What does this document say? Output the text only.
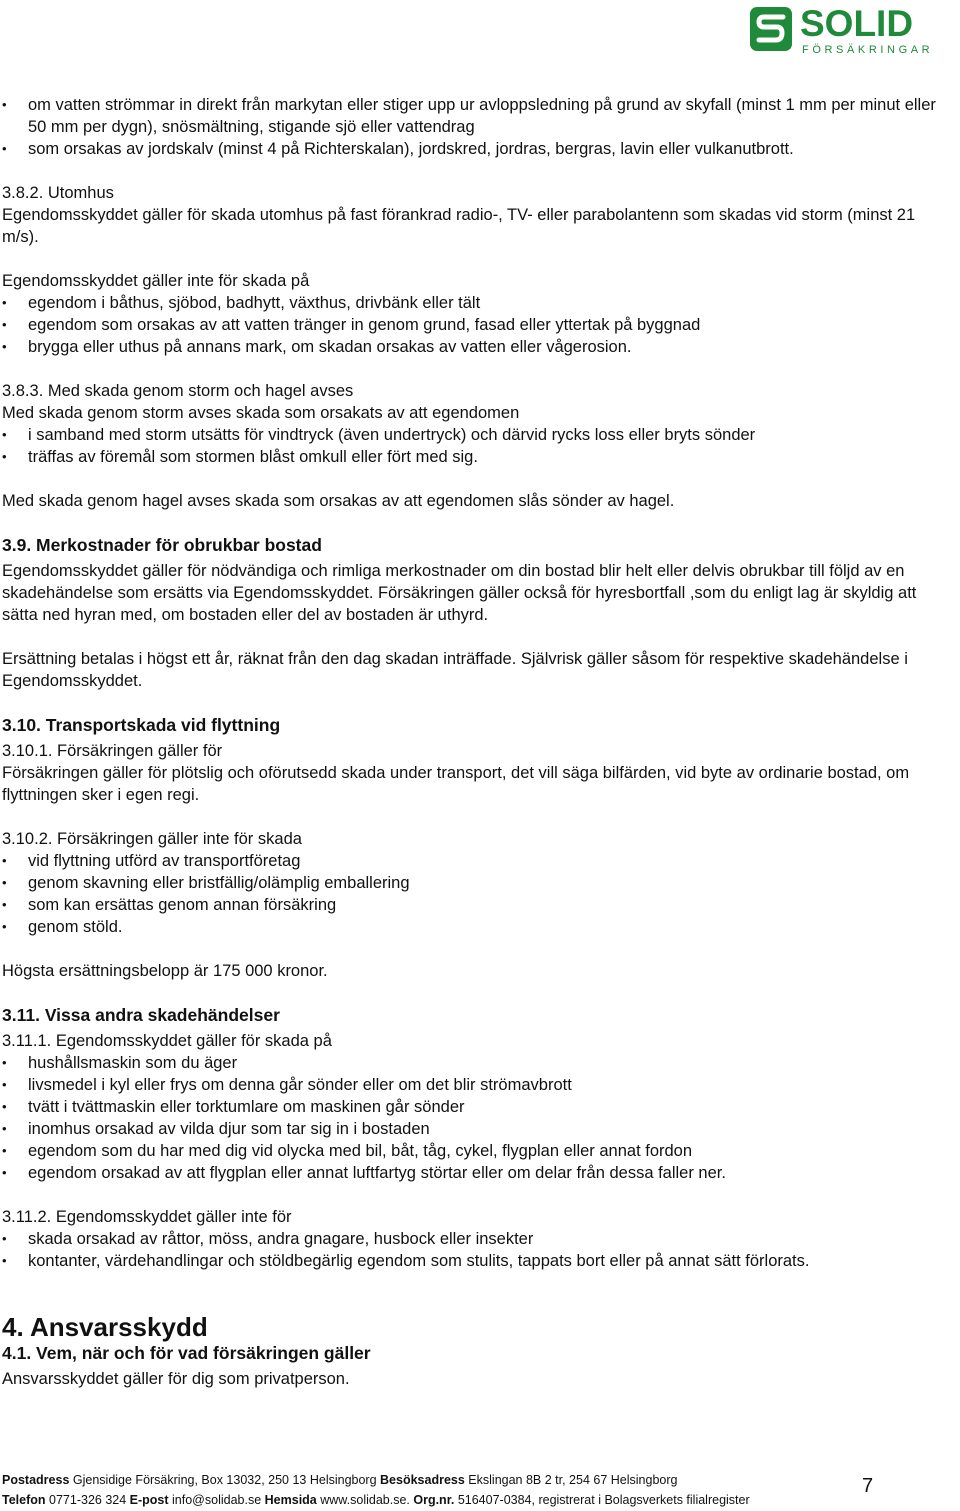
SOLID
FÖRSÄKRINGAR
• om vatten strömmar in direkt från markytan eller stiger upp ur avloppsledning på grund av skyfall (minst 1 mm per minut eller 50 mm per dygn), snösmältning, stigande sjö eller vattendrag
• som orsakas av jordskalv (minst 4 på Richterskalan), jordskred, jordras, bergras, lavin eller vulkanutbrott.
3.8.2. Utomhus
Egendomsskyddet gäller för skada utomhus på fast förankrad radio-, TV- eller parabolantenn som skadas vid storm (minst 21 m/s).
Egendomsskyddet gäller inte för skada på
• egendom i båthus, sjöbod, badhytt, växthus, drivbänk eller tält
• egendom som orsakas av att vatten tränger in genom grund, fasad eller yttertak på byggnad
• brygga eller uthus på annans mark, om skadan orsakas av vatten eller vågerosion.
3.8.3. Med skada genom storm och hagel avses
Med skada genom storm avses skada som orsakats av att egendomen
• i samband med storm utsätts för vindtryck (även undertryck) och därvid rycks loss eller bryts sönder
• träffas av föremål som stormen blåst omkull eller fört med sig.
Med skada genom hagel avses skada som orsakas av att egendomen slås sönder av hagel.
3.9. Merkostnader för obrukbar bostad
Egendomsskyddet gäller för nödvändiga och rimliga merkostnader om din bostad blir helt eller delvis obrukbar till följd av en skadehändelse som ersätts via Egendomsskyddet. Försäkringen gäller också för hyresbortfall ,som du enligt lag är skyldig att sätta ned hyran med, om bostaden eller del av bostaden är uthyrd.
Ersättning betalas i högst ett år, räknat från den dag skadan inträffade. Självrisk gäller såsom för respektive skadehändelse i Egendomsskyddet.
3.10. Transportskada vid flyttning
3.10.1. Försäkringen gäller för
Försäkringen gäller för plötslig och oförutsedd skada under transport, det vill säga bilfärden, vid byte av ordinarie bostad, om flyttningen sker i egen regi.
3.10.2. Försäkringen gäller inte för skada
• vid flyttning utförd av transportföretag
• genom skavning eller bristfällig/olämplig emballering
• som kan ersättas genom annan försäkring
• genom stöld.
Högsta ersättningsbelopp är 175 000 kronor.
3.11. Vissa andra skadehändelser
3.11.1. Egendomsskyddet gäller för skada på
• hushållsmaskin som du äger
• livsmedel i kyl eller frys om denna går sönder eller om det blir strömavbrott
• tvätt i tvättmaskin eller torktumlare om maskinen går sönder
• inomhus orsakad av vilda djur som tar sig in i bostaden
• egendom som du har med dig vid olycka med bil, båt, tåg, cykel, flygplan eller annat fordon
• egendom orsakad av att flygplan eller annat luftfartyg störtar eller om delar från dessa faller ner.
3.11.2. Egendomsskyddet gäller inte för
• skada orsakad av råttor, möss, andra gnagare, husbock eller insekter
• kontanter, värdehandlingar och stöldbegärlig egendom som stulits, tappats bort eller på annat sätt förlorats.
4. Ansvarsskydd
4.1. Vem, när och för vad försäkringen gäller
Ansvarsskyddet gäller för dig som privatperson.
Postadress Gjensidige Försäkring, Box 13032, 250 13 Helsingborg Besöksadress Ekslingan 8B 2 tr, 254 67 Helsingborg
Telefon 0771-326 324 E-post info@solidab.se Hemsida www.solidab.se. Org.nr. 516407-0384, registrerat i Bolagsverkets filialregister
7
